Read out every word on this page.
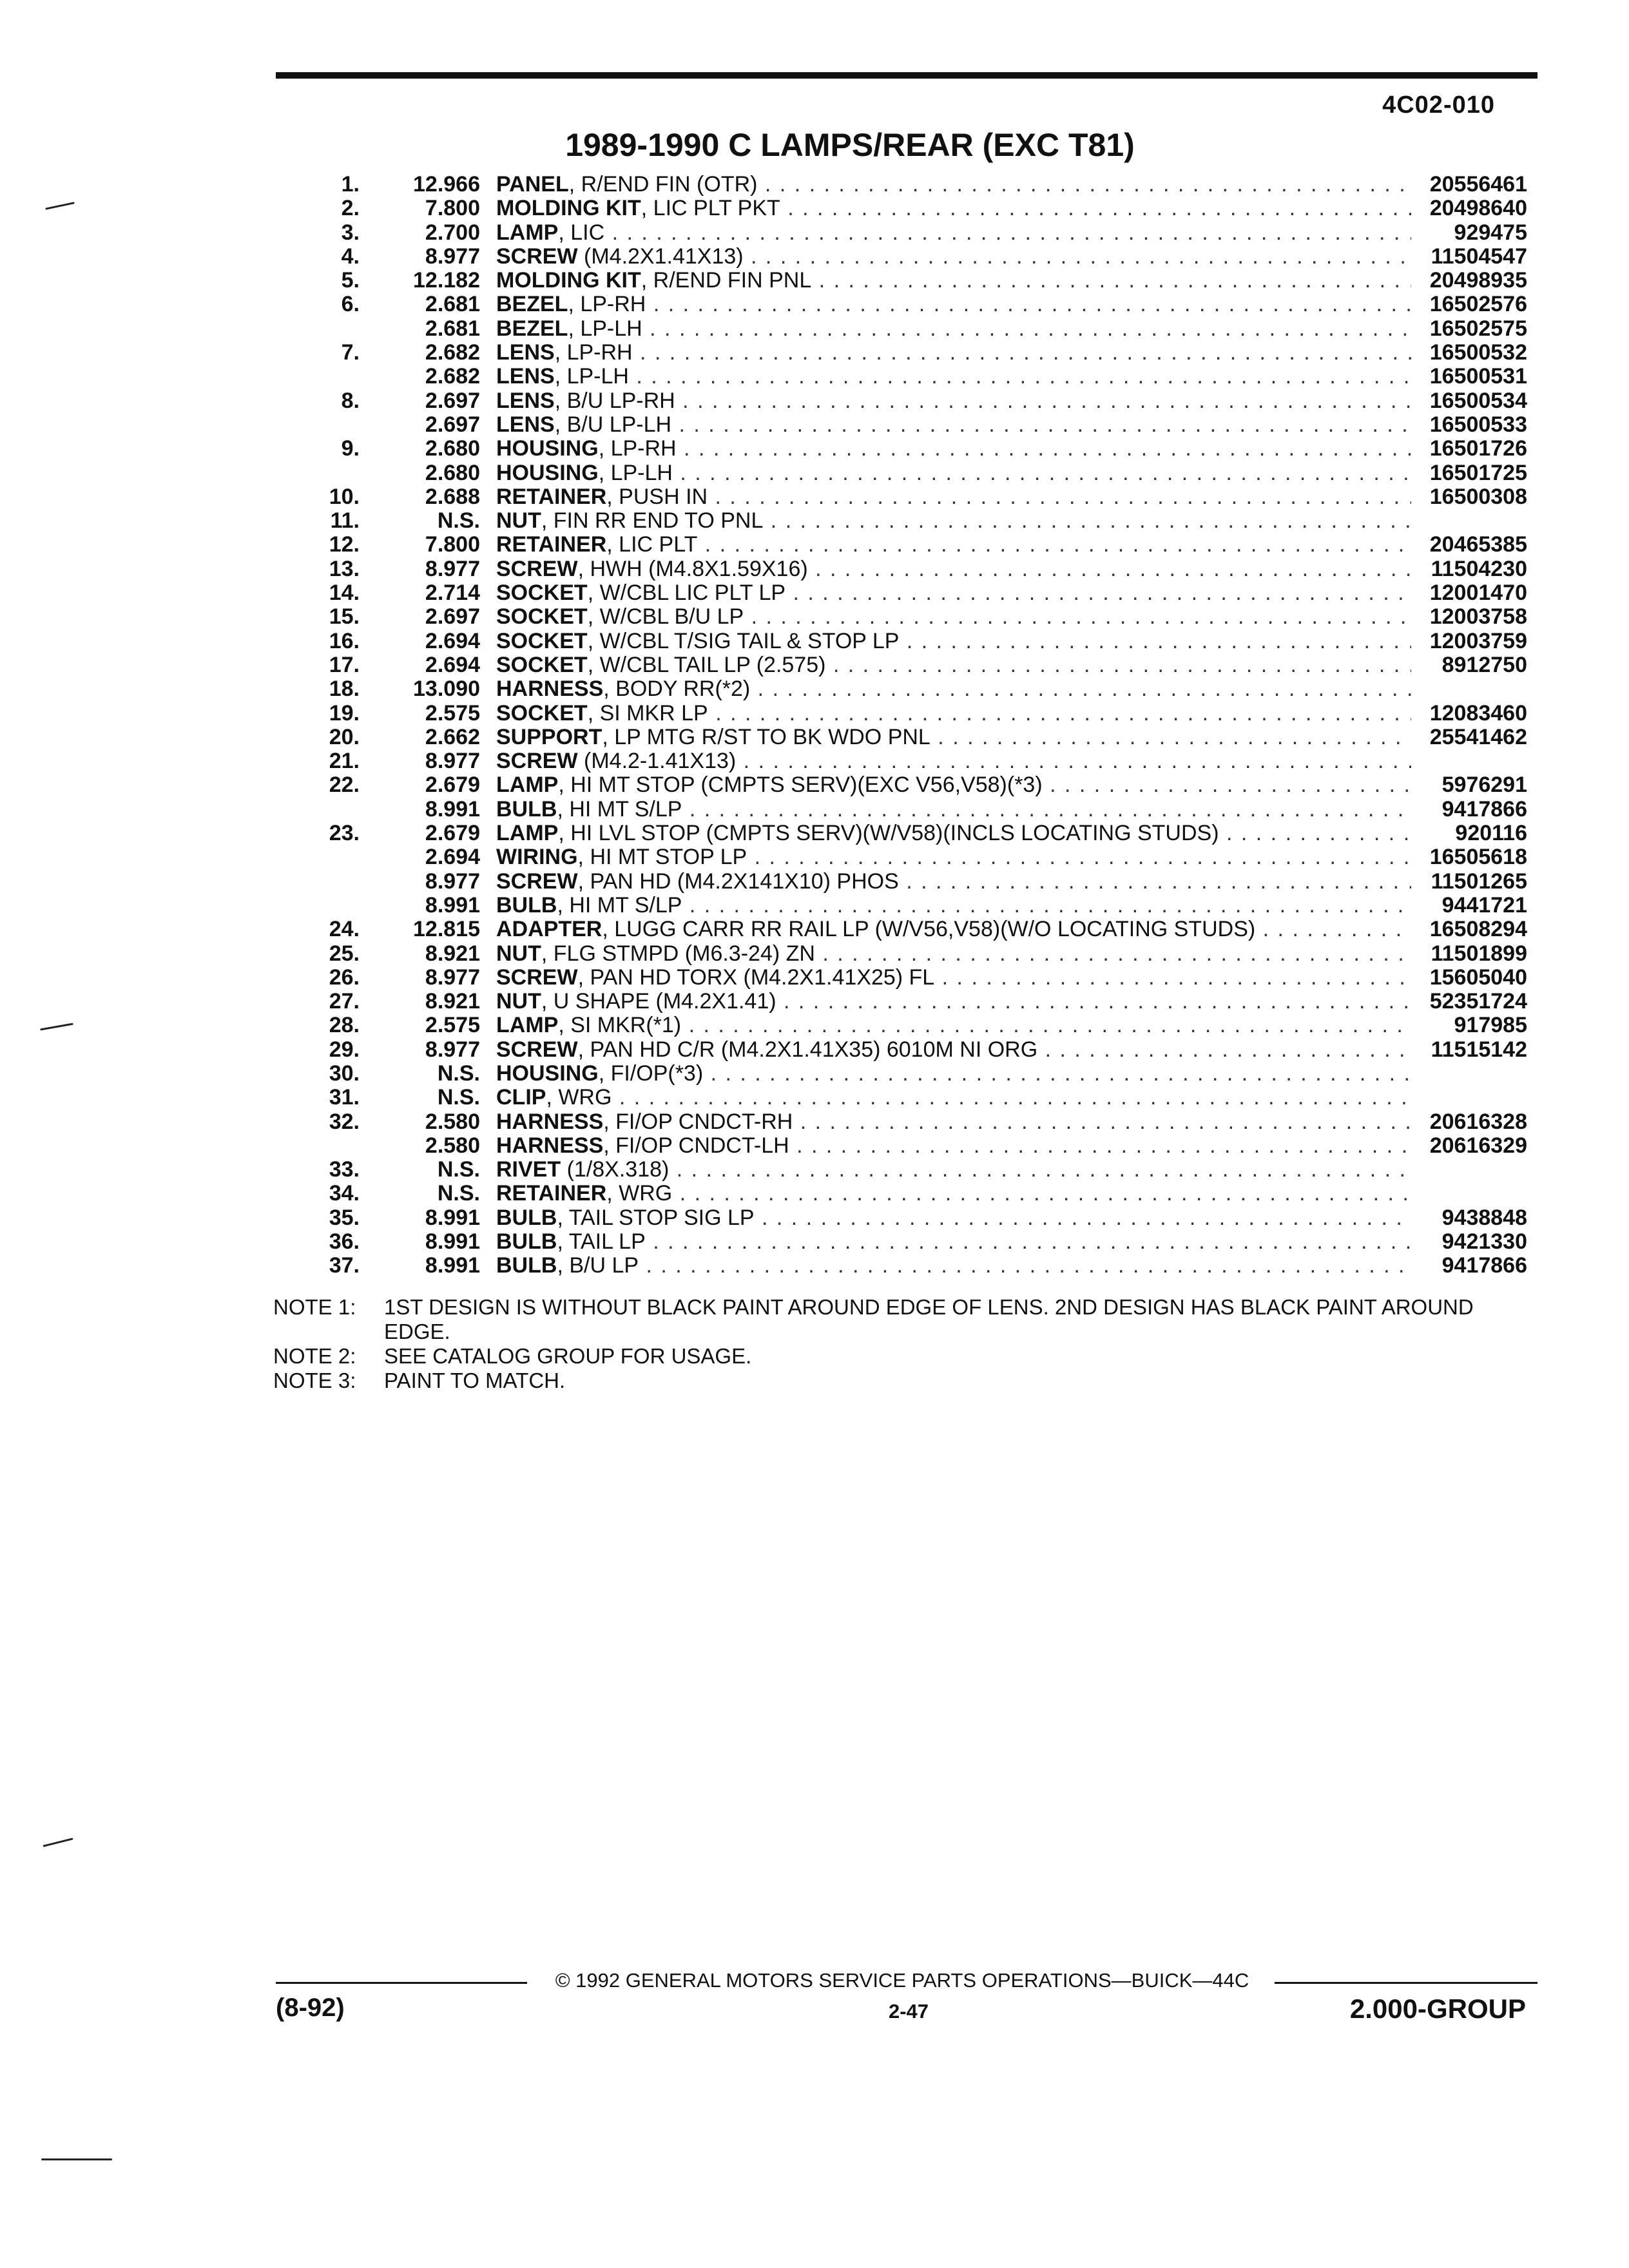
4C02-010
1989-1990 C LAMPS/REAR (EXC T81)
1.	12.966 PANEL, R/END FIN (OTR) . . .	20556461
2.	7.800 MOLDING KIT, LIC PLT PKT . . .	20498640
3.	2.700 LAMP, LIC . . .	929475
4.	8.977 SCREW (M4.2X1.41X13) . . .	11504547
5.	12.182 MOLDING KIT, R/END FIN PNL . . .	20498935
6.	2.681 BEZEL, LP-RH . . .	16502576
2.681 BEZEL, LP-LH . . .	16502575
7.	2.682 LENS, LP-RH . . .	16500532
2.682 LENS, LP-LH . . .	16500531
8.	2.697 LENS, B/U LP-RH . . .	16500534
2.697 LENS, B/U LP-LH . . .	16500533
9.	2.680 HOUSING, LP-RH . . .	16501726
2.680 HOUSING, LP-LH . . .	16501725
10.	2.688 RETAINER, PUSH IN . . .	16500308
11.	N.S. NUT, FIN RR END TO PNL . . .
12.	7.800 RETAINER, LIC PLT . . .	20465385
13.	8.977 SCREW, HWH (M4.8X1.59X16) . . .	11504230
14.	2.714 SOCKET, W/CBL LIC PLT LP . . .	12001470
15.	2.697 SOCKET, W/CBL B/U LP . . .	12003758
16.	2.694 SOCKET, W/CBL T/SIG TAIL & STOP LP . . .	12003759
17.	2.694 SOCKET, W/CBL TAIL LP (2.575) . . .	8912750
18.	13.090 HARNESS, BODY RR(*2) . . .
19.	2.575 SOCKET, SI MKR LP . . .	12083460
20.	2.662 SUPPORT, LP MTG R/ST TO BK WDO PNL . . .	25541462
21.	8.977 SCREW (M4.2-1.41X13) . . .
22.	2.679 LAMP, HI MT STOP (CMPTS SERV)(EXC V56,V58)(*3) . . .	5976291
8.991 BULB, HI MT S/LP . . .	9417866
23.	2.679 LAMP, HI LVL STOP (CMPTS SERV)(W/V58)(INCLS LOCATING STUDS) . . .	920116
2.694 WIRING, HI MT STOP LP . . .	16505618
8.977 SCREW, PAN HD (M4.2X141X10) PHOS . . .	11501265
8.991 BULB, HI MT S/LP . . .	9441721
24.	12.815 ADAPTER, LUGG CARR RR RAIL LP (W/V56,V58)(W/O LOCATING STUDS) . . .	16508294
25.	8.921 NUT, FLG STMPD (M6.3-24) ZN . . .	11501899
26.	8.977 SCREW, PAN HD TORX (M4.2X1.41X25) FL . . .	15605040
27.	8.921 NUT, U SHAPE (M4.2X1.41) . . .	52351724
28.	2.575 LAMP, SI MKR(*1) . . .	917985
29.	8.977 SCREW, PAN HD C/R (M4.2X1.41X35) 6010M NI ORG . . .	11515142
30.	N.S. HOUSING, FI/OP(*3) . . .
31.	N.S. CLIP, WRG . . .
32.	2.580 HARNESS, FI/OP CNDCT-RH . . .	20616328
2.580 HARNESS, FI/OP CNDCT-LH . . .	20616329
33.	N.S. RIVET (1/8X.318) . . .
34.	N.S. RETAINER, WRG . . .
35.	8.991 BULB, TAIL STOP SIG LP . . .	9438848
36.	8.991 BULB, TAIL LP . . .	9421330
37.	8.991 BULB, B/U LP . . .	9417866
NOTE 1:	1ST DESIGN IS WITHOUT BLACK PAINT AROUND EDGE OF LENS. 2ND DESIGN HAS BLACK PAINT AROUND EDGE.
NOTE 2:	SEE CATALOG GROUP FOR USAGE.
NOTE 3:	PAINT TO MATCH.
© 1992 GENERAL MOTORS SERVICE PARTS OPERATIONS—BUICK—44C
(8-92)	2-47	2.000-GROUP
